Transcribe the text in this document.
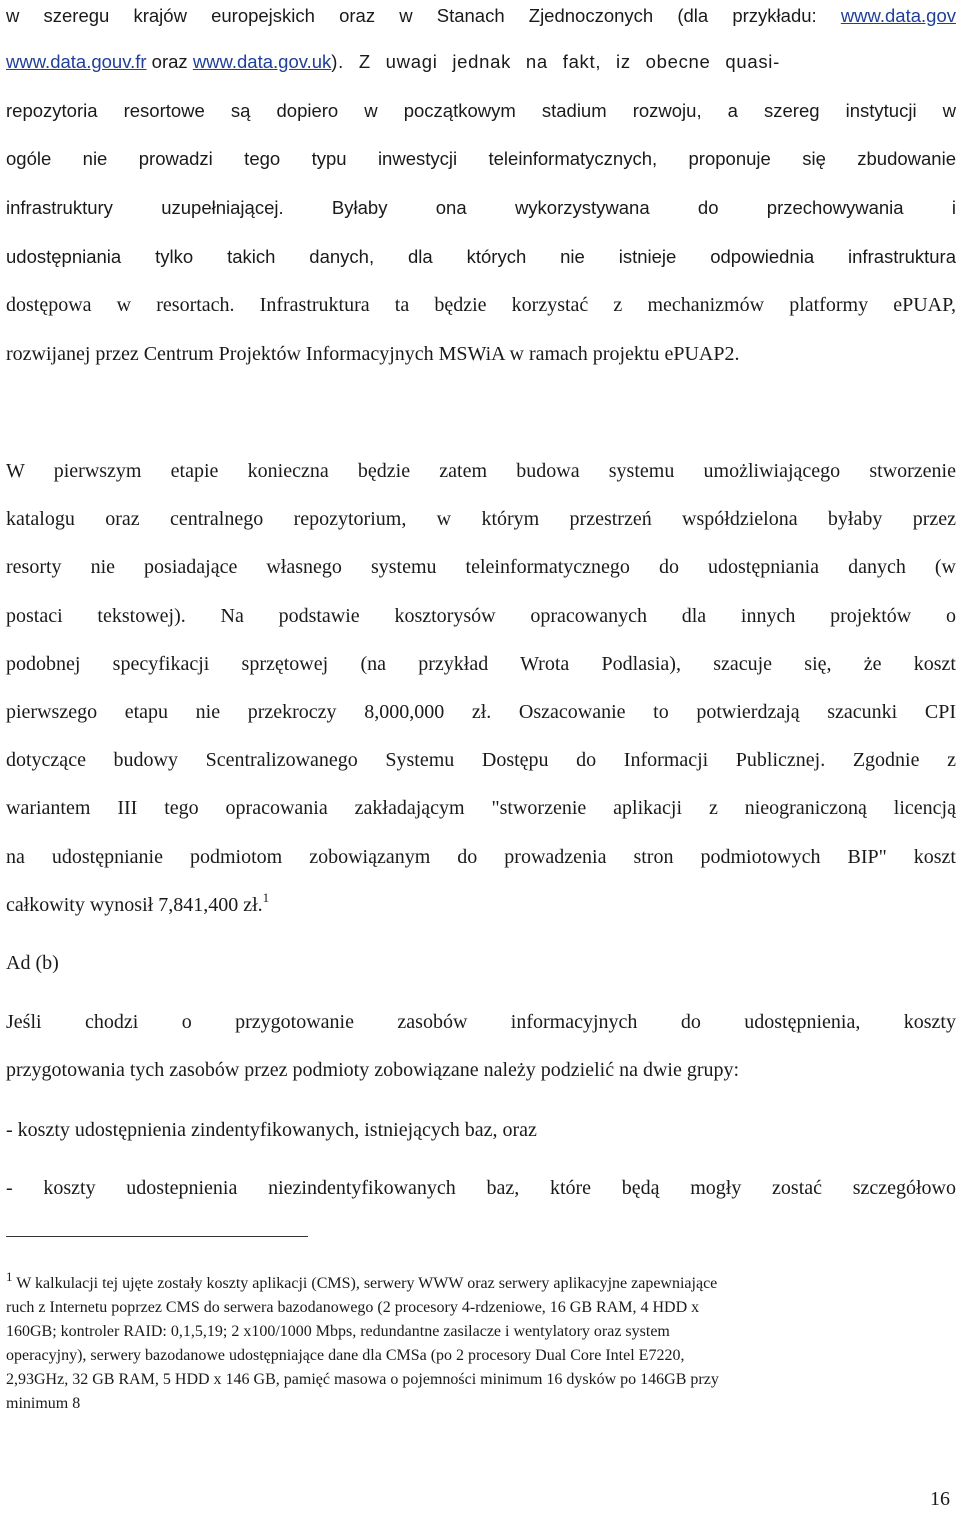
w szeregu krajów europejskich oraz w Stanach Zjednoczonych (dla przykładu: www.data.gov
www.data.gouv.fr oraz www.data.gov.uk). Z uwagi jednak na fakt, iz obecne quasi-
repozytoria resortowe są dopiero w początkowym stadium rozwoju, a szereg instytucji w
ogóle nie prowadzi tego typu inwestycji teleinformatycznych, proponuje się zbudowanie
infrastruktury uzupełniającej. Byłaby ona wykorzystywana do przechowywania i
udostępniania tylko takich danych, dla których nie istnieje odpowiednia infrastruktura
dostępowa w resortach. Infrastruktura ta będzie korzystać z mechanizmów platformy ePUAP,
rozwijanej przez Centrum Projektów Informacyjnych MSWiA w ramach projektu ePUAP2.
W pierwszym etapie konieczna będzie zatem budowa systemu umożliwiającego stworzenie
katalogu oraz centralnego repozytorium, w którym przestrzeń współdzielona byłaby przez
resorty nie posiadające własnego systemu teleinformatycznego do udostępniania danych (w
postaci tekstowej). Na podstawie kosztorysów opracowanych dla innych projektów o
podobnej specyfikacji sprzętowej (na przykład Wrota Podlasia), szacuje się, że koszt
pierwszego etapu nie przekroczy 8,000,000 zł. Oszacowanie to potwierdzają szacunki CPI
dotyczące budowy Scentralizowanego Systemu Dostępu do Informacji Publicznej. Zgodnie z
wariantem III tego opracowania zakładającym "stworzenie aplikacji z nieograniczoną licencją
na udostępnianie podmiotom zobowiązanym do prowadzenia stron podmiotowych BIP" koszt
całkowity wynosił 7,841,400 zł.$^1$
Ad (b)
Jeśli chodzi o przygotowanie zasobów informacyjnych do udostępnienia, koszty
przygotowania tych zasobów przez podmioty zobowiązane należy podzielić na dwie grupy:
- koszty udostępnienia zindentyfikowanych, istniejących baz, oraz
- koszty udostepnienia niezindentyfikowanych baz, które będą mogły zostać szczegółowo
$^1$ W kalkulacji tej ujęte zostały koszty aplikacji (CMS), serwery WWW oraz serwery aplikacyjne zapewniające
ruch z Internetu poprzez CMS do serwera bazodanowego (2 procesory 4-rdzeniowe, 16 GB RAM, 4 HDD x
160GB; kontroler RAID: 0,1,5,19; 2 x100/1000 Mbps, redundantne zasilacze i wentylatory oraz system
operacyjny), serwery bazodanowe udostępniające dane dla CMSa (po 2 procesory Dual Core Intel E7220,
2,93GHz, 32 GB RAM, 5 HDD x 146 GB, pamięć masowa o pojemności minimum 16 dysków po 146GB przy
minimum 8
16
